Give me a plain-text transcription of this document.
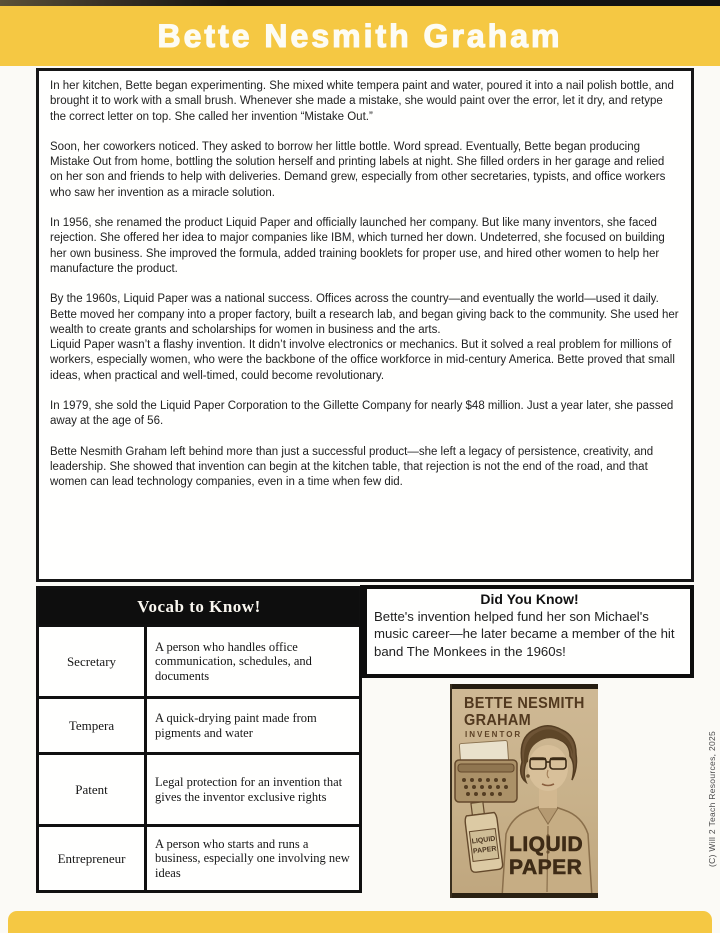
Bette Nesmith Graham

In her kitchen, Bette began experimenting. She mixed white tempera paint and water, poured it into a nail polish bottle, and brought it to work with a small brush. Whenever she made a mistake, she would paint over the error, let it dry, and retype the correct letter on top. She called her invention “Mistake Out.”

Soon, her coworkers noticed. They asked to borrow her little bottle. Word spread. Eventually, Bette began producing Mistake Out from home, bottling the solution herself and printing labels at night. She filled orders in her garage and relied on her son and friends to help with deliveries. Demand grew, especially from other secretaries, typists, and office workers who saw her invention as a miracle solution.

In 1956, she renamed the product Liquid Paper and officially launched her company. But like many inventors, she faced rejection. She offered her idea to major companies like IBM, which turned her down. Undeterred, she focused on building her own business. She improved the formula, added training booklets for proper use, and hired other women to help her manufacture the product.

By the 1960s, Liquid Paper was a national success. Offices across the country—and eventually the world—used it daily. Bette moved her company into a proper factory, built a research lab, and began giving back to the community. She used her wealth to create grants and scholarships for women in business and the arts.

Liquid Paper wasn’t a flashy invention. It didn’t involve electronics or mechanics. But it solved a real problem for millions of workers, especially women, who were the backbone of the office workforce in mid-century America. Bette proved that small ideas, when practical and well-timed, could become revolutionary.

In 1979, she sold the Liquid Paper Corporation to the Gillette Company for nearly $48 million. Just a year later, she passed away at the age of 56.

Bette Nesmith Graham left behind more than just a successful product—she left a legacy of persistence, creativity, and leadership. She showed that invention can begin at the kitchen table, that rejection is not the end of the road, and that women can lead technology companies, even in a time when few did.

Vocab to Know!	
Secretary	A person who handles office communication, schedules, and documents
Tempera	A quick-drying paint made from pigments and water
Patent	Legal protection for an invention that gives the inventor exclusive rights
Entrepreneur	A person who starts and runs a business, especially one involving new ideas
Did You Know!
Bette's invention helped fund her son Michael's music career—he later became a member of the hit band The Monkees in the 1960s!
LIQUID
PAPER
BETTE NESMITH
GRAHAM
INVENTOR
LIQUID
PAPER	(C) Will 2 Teach Resources, 2025
